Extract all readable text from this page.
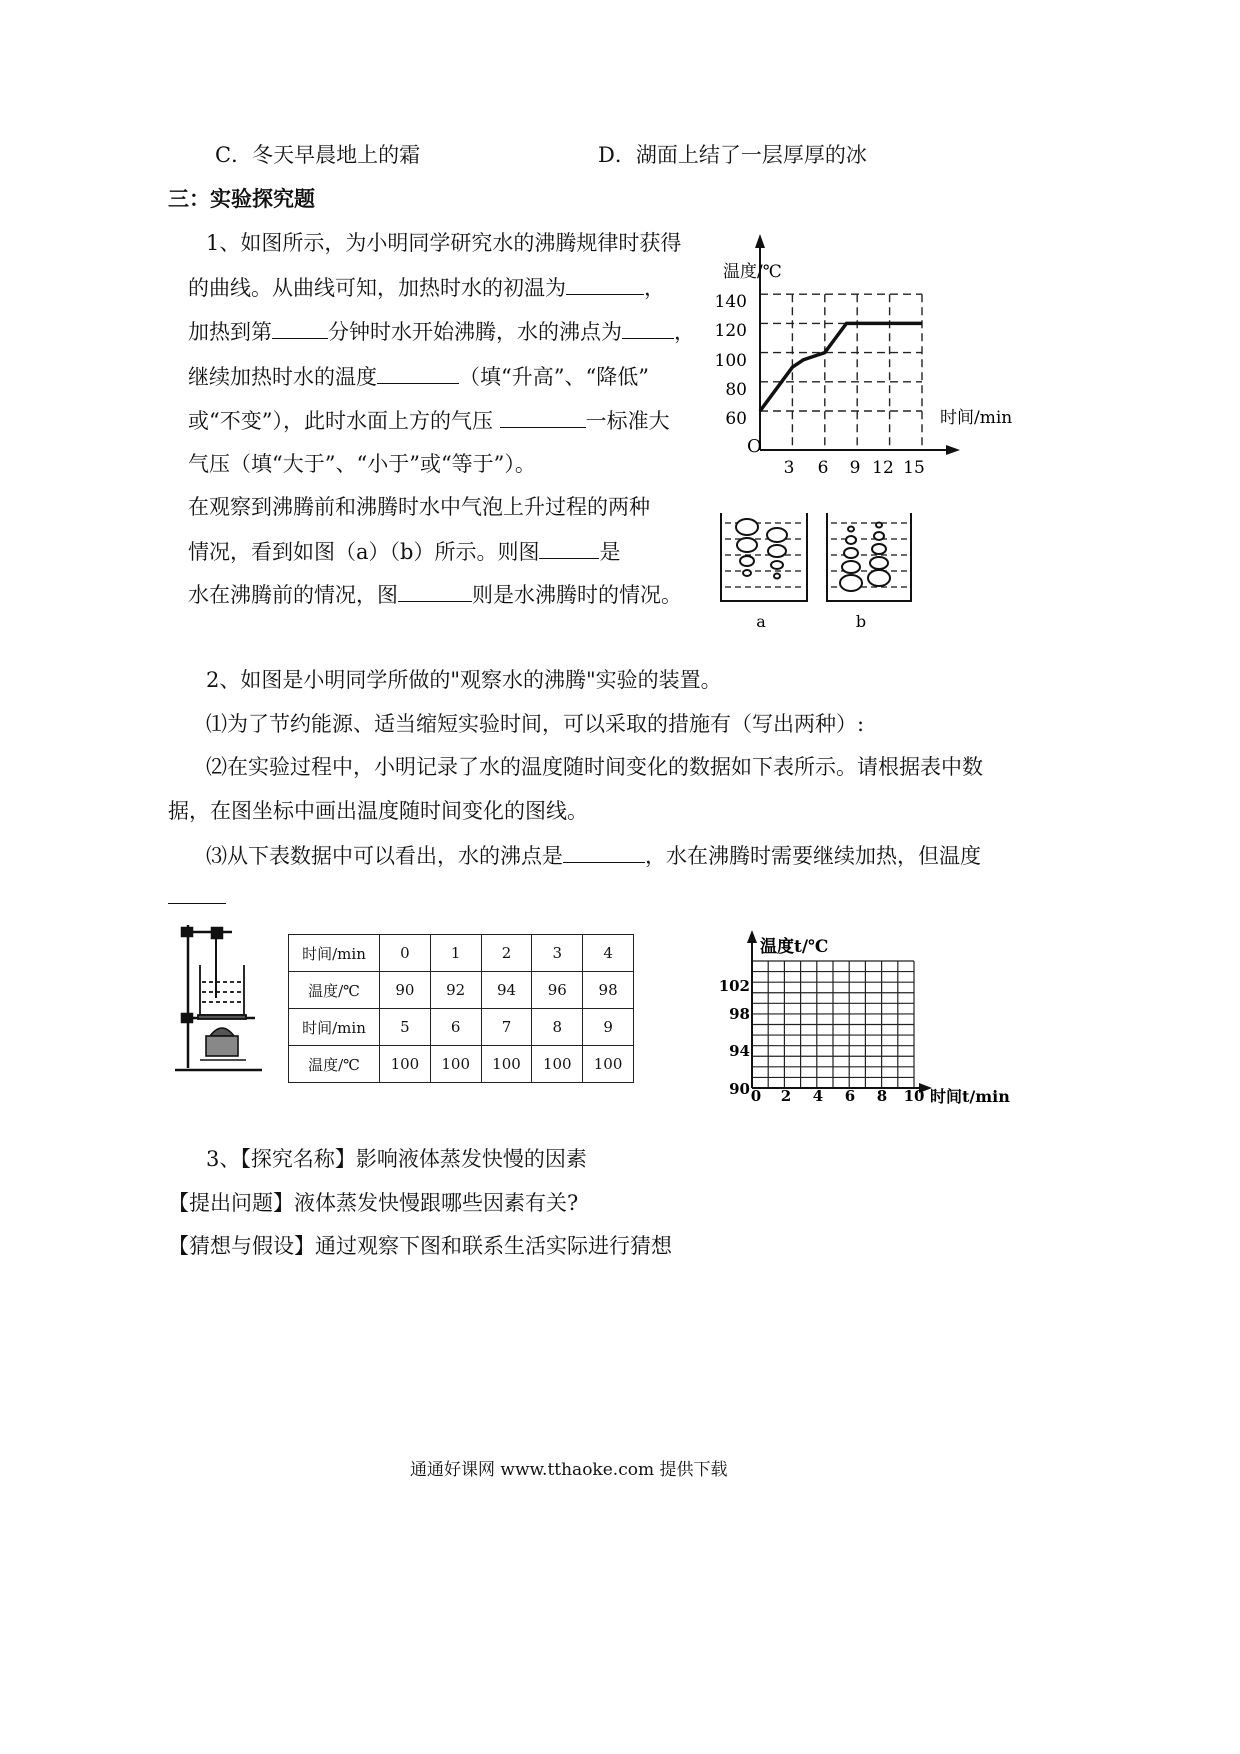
C．冬天早晨地上的霜	D．湖面上结了一层厚厚的冰
三：实验探究题
1、如图所示，为小明同学研究水的沸腾规律时获得
的曲线。从曲线可知，加热时水的初温为	，
加热到第	分钟时水开始沸腾，水的沸点为 ，
继续加热时水的温度	（填“升高”、“降低”
或“不变”），此时水面上方的气压	一标准大
气压（填“大于”、“小于”或“等于”）。
在观察到沸腾前和沸腾时水中气泡上升过程的两种
情况，看到如图（a）（b）所示。则图	是
水在沸腾前的情况，图	则是水沸腾时的情况。
温度/℃
时间/min
O
140
120
100
80
60
3 6 9 12 15
a	b
2、如图是小明同学所做的"观察水的沸腾"实验的装置。
⑴为了节约能源、适当缩短实验时间，可以采取的措施有（写出两种）:
⑵在实验过程中，小明记录了水的温度随时间变化的数据如下表所示。请根据表中数
据，在图坐标中画出温度随时间变化的图线。
⑶从下表数据中可以看出，水的沸点是	，水在沸腾时需要继续加热，但温度
时间/min	0	1	2	3	4
温度/℃	90	92	94	96	98
时间/min	5	6	7	8	9
温度/℃	100	100	100	100	100
温度t/℃
时间t/min
102
98
94
90 0 2 4 6 8 10
3、【探究名称】影响液体蒸发快慢的因素
【提出问题】液体蒸发快慢跟哪些因素有关?
【猜想与假设】通过观察下图和联系生活实际进行猜想
通通好课网 www.tthaoke.com 提供下载
